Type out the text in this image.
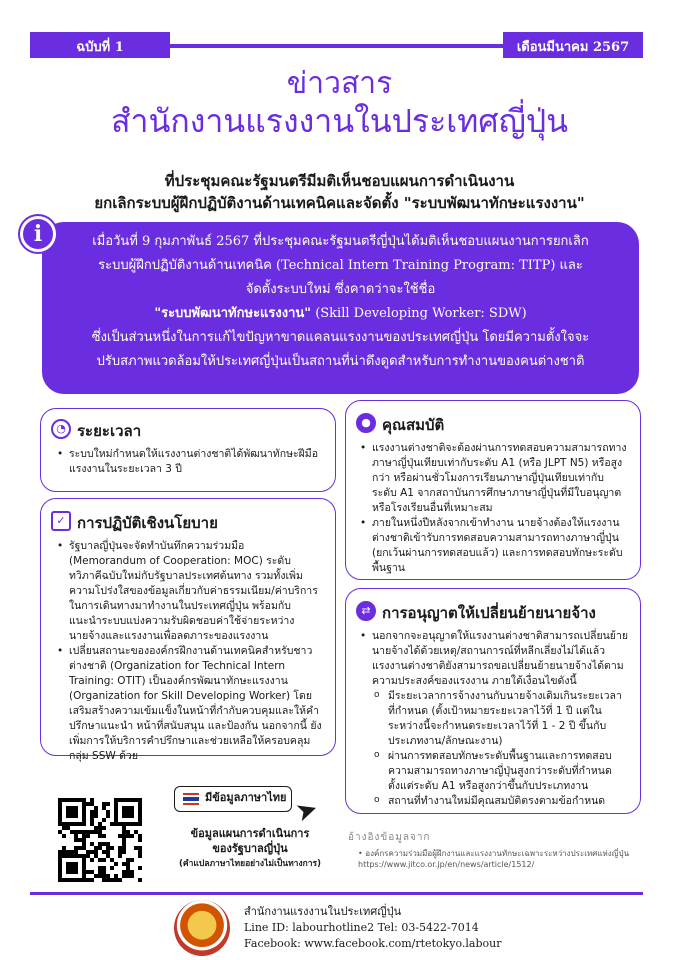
ฉบับที่ 1	เดือนมีนาคม 2567
ข่าวสาร
สำนักงานแรงงานในประเทศญี่ปุ่น
ที่ประชุมคณะรัฐมนตรีมีมติเห็นชอบแผนการดำเนินงาน
ยกเลิกระบบผู้ฝึกปฏิบัติงานด้านเทคนิคและจัดตั้ง "ระบบพัฒนาทักษะแรงงาน"
เมื่อวันที่ 9 กุมภาพันธ์ 2567 ที่ประชุมคณะรัฐมนตรีญี่ปุ่นได้มติเห็นชอบแผนงานการยกเลิก
ระบบผู้ฝึกปฏิบัติงานด้านเทคนิค (Technical Intern Training Program: TITP) และ
จัดตั้งระบบใหม่ ซึ่งคาดว่าจะใช้ชื่อ
"ระบบพัฒนาทักษะแรงงาน" (Skill Developing Worker: SDW)
ซึ่งเป็นส่วนหนึ่งในการแก้ไขปัญหาขาดแคลนแรงงานของประเทศญี่ปุ่น โดยมีความตั้งใจจะ
ปรับสภาพแวดล้อมให้ประเทศญี่ปุ่นเป็นสถานที่น่าดึงดูดสำหรับการทำงานของคนต่างชาติ
i
◔ ระยะเวลา
• ระบบใหม่กำหนดให้แรงงานต่างชาติได้พัฒนาทักษะฝีมือแรงงานในระยะเวลา 3 ปี
● คุณสมบัติ
• แรงงานต่างชาติจะต้องผ่านการทดสอบความสามารถทางภาษาญี่ปุ่นเทียบเท่ากับระดับ A1 (หรือ JLPT N5) หรือสูงกว่า หรือผ่านชั่วโมงการเรียนภาษาญี่ปุ่นเทียบเท่ากับระดับ A1 จากสถาบันการศึกษาภาษาญี่ปุ่นที่มีใบอนุญาตหรือโรงเรียนอื่นที่เหมาะสม
• ภายในหนึ่งปีหลังจากเข้าทำงาน นายจ้างต้องให้แรงงานต่างชาติเข้ารับการทดสอบความสามารถทางภาษาญี่ปุ่น (ยกเว้นผ่านการทดสอบแล้ว) และการทดสอบทักษะระดับพื้นฐาน
✓ การปฏิบัติเชิงนโยบาย
• รัฐบาลญี่ปุ่นจะจัดทำบันทึกความร่วมมือ (Memorandum of Cooperation: MOC) ระดับทวิภาคีฉบับใหม่กับรัฐบาลประเทศต้นทาง รวมทั้งเพิ่มความโปร่งใสของข้อมูลเกี่ยวกับค่าธรรมเนียม/ค่าบริการในการเดินทางมาทำงานในประเทศญี่ปุ่น พร้อมกับแนะนำระบบแบ่งความรับผิดชอบค่าใช้จ่ายระหว่างนายจ้างและแรงงานเพื่อลดภาระของแรงงาน
• เปลี่ยนสถานะขององค์กรฝึกงานด้านเทคนิคสำหรับชาวต่างชาติ (Organization for Technical Intern Training: OTIT) เป็นองค์กรพัฒนาทักษะแรงงาน (Organization for Skill Developing Worker) โดยเสริมสร้างความเข้มแข็งในหน้าที่กำกับควบคุมและให้คำปรึกษาแนะนำ หน้าที่สนับสนุน และป้องกัน นอกจากนี้ ยังเพิ่มการให้บริการคำปรึกษาและช่วยเหลือให้ครอบคลุมกลุ่ม SSW ด้วย
⇄ การอนุญาตให้เปลี่ยนย้ายนายจ้าง
• นอกจากจะอนุญาตให้แรงงานต่างชาติสามารถเปลี่ยนย้ายนายจ้างได้ด้วยเหตุ/สถานการณ์ที่หลีกเลี่ยงไม่ได้แล้ว แรงงานต่างชาติยังสามารถขอเปลี่ยนย้ายนายจ้างได้ตามความประสงค์ของแรงงาน ภายใต้เงื่อนไขดังนี้
o มีระยะเวลาการจ้างงานกับนายจ้างเดิมเกินระยะเวลาที่กำหนด (ตั้งเป้าหมายระยะเวลาไว้ที่ 1 ปี แต่ในระหว่างนี้จะกำหนดระยะเวลาไว้ที่ 1 - 2 ปี ขึ้นกับประเภทงาน/ลักษณะงาน)
o ผ่านการทดสอบทักษะระดับพื้นฐานและการทดสอบความสามารถทางภาษาญี่ปุ่นสูงกว่าระดับที่กำหนดตั้งแต่ระดับ A1 หรือสูงกว่าขึ้นกับประเภทงาน
o สถานที่ทำงานใหม่มีคุณสมบัติตรงตามข้อกำหนด
มีข้อมูลภาษาไทย ➤
ข้อมูลแผนการดำเนินการ
ของรัฐบาลญี่ปุ่น
(คำแปลภาษาไทยอย่างไม่เป็นทางการ)
อ้างอิงข้อมูลจาก
• องค์กรความร่วมมือผู้ฝึกงานและแรงงานทักษะเฉพาะระหว่างประเทศแห่งญี่ปุ่น https://www.jitco.or.jp/en/news/article/1512/
สำนักงานแรงงานในประเทศญี่ปุ่น
Line ID: labourhotline2 Tel: 03-5422-7014
Facebook: www.facebook.com/rtetokyo.labour
